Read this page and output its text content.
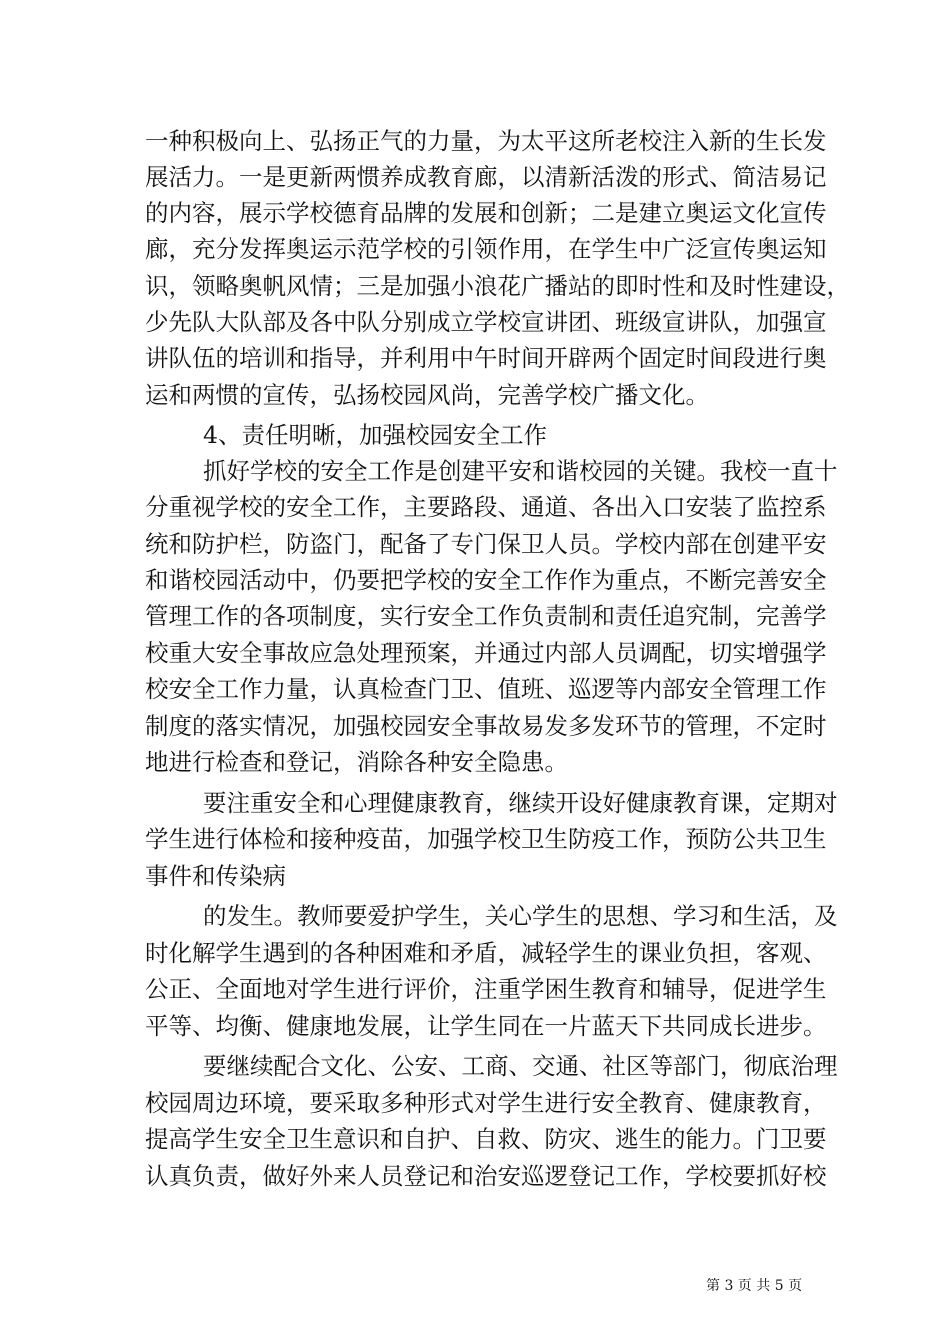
一种积极向上、弘扬正气的力量，为太平这所老校注入新的生长发
展活力。一是更新两惯养成教育廊，以清新活泼的形式、简洁易记
的内容，展示学校德育品牌的发展和创新；二是建立奥运文化宣传
廊，充分发挥奥运示范学校的引领作用，在学生中广泛宣传奥运知
识，领略奥帆风情；三是加强小浪花广播站的即时性和及时性建设，
少先队大队部及各中队分别成立学校宣讲团、班级宣讲队，加强宣
讲队伍的培训和指导，并利用中午时间开辟两个固定时间段进行奥
运和两惯的宣传，弘扬校园风尚，完善学校广播文化。
4、责任明晰，加强校园安全工作
抓好学校的安全工作是创建平安和谐校园的关键。我校一直十
分重视学校的安全工作，主要路段、通道、各出入口安装了监控系
统和防护栏，防盗门，配备了专门保卫人员。学校内部在创建平安
和谐校园活动中，仍要把学校的安全工作作为重点，不断完善安全
管理工作的各项制度，实行安全工作负责制和责任追究制，完善学
校重大安全事故应急处理预案，并通过内部人员调配，切实增强学
校安全工作力量，认真检查门卫、值班、巡逻等内部安全管理工作
制度的落实情况，加强校园安全事故易发多发环节的管理，不定时
地进行检查和登记，消除各种安全隐患。
要注重安全和心理健康教育，继续开设好健康教育课，定期对
学生进行体检和接种疫苗，加强学校卫生防疫工作，预防公共卫生
事件和传染病
的发生。教师要爱护学生，关心学生的思想、学习和生活，及
时化解学生遇到的各种困难和矛盾，减轻学生的课业负担，客观、
公正、全面地对学生进行评价，注重学困生教育和辅导，促进学生
平等、均衡、健康地发展，让学生同在一片蓝天下共同成长进步。
要继续配合文化、公安、工商、交通、社区等部门，彻底治理
校园周边环境，要采取多种形式对学生进行安全教育、健康教育，
提高学生安全卫生意识和自护、自救、防灾、逃生的能力。门卫要
认真负责，做好外来人员登记和治安巡逻登记工作，学校要抓好校
第 3 页 共 5 页
